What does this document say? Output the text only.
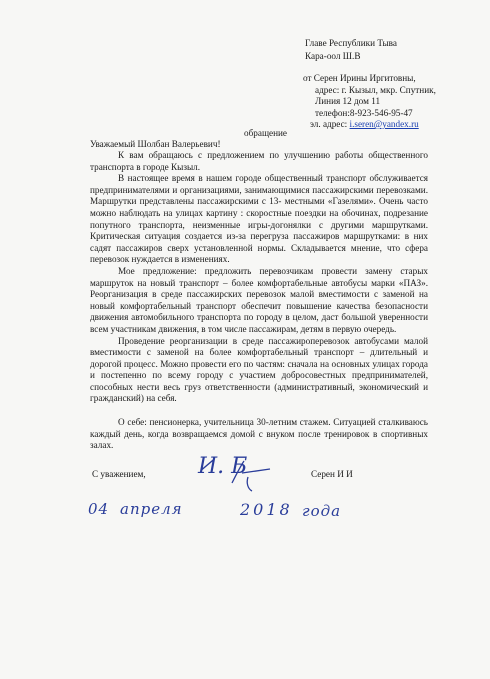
Главе Республики Тыва
Кара-оол Ш.В
от Серен Ирины Иргитовны,
адрес: г. Кызыл, мкр. Спутник,
Линия 12 дом 11
телефон:8-923-546-95-47
эл. адрес: i.seren@yandex.ru
обращение
Уважаемый Шолбан Валерьевич!

К вам обращаюсь с предложением по улучшению работы общественного транспорта в городе Кызыл.

В настоящее время в нашем городе общественный транспорт обслуживается предпринимателями и организациями, занимающимися пассажирскими перевозками. Маршрутки представлены пассажирскими с 13- местными «Газелями». Очень часто можно наблюдать на улицах картину : скоростные поездки на обочинах, подрезание попутного транспорта, неизменные игры-догонялки с другими маршрутками. Критическая ситуация создается из-за перегруза пассажиров маршрутками: в них садят пассажиров сверх установленной нормы. Складывается мнение, что сфера перевозок нуждается в изменениях.

Мое предложение: предложить перевозчикам провести замену старых маршруток на новый транспорт – более комфортабельные автобусы марки «ПАЗ». Реорганизация в среде пассажирских перевозок малой вместимости с заменой на новый комфортабельный транспорт обеспечит повышение качества безопасности движения автомобильного транспорта по городу в целом, даст большой уверенности всем участникам движения, в том числе пассажирам, детям в первую очередь.

Проведение реорганизации в среде пассажироперевозок автобусами малой вместимости с заменой на более комфортабельный транспорт – длительный и дорогой процесс. Можно провести его по частям: сначала на основных улицах города и постепенно по всему городу с участием добросовестных предпринимателей, способных нести весь груз ответственности (административный, экономический и гражданский) на себя.

О себе: пенсионерка, учительница 30-летним стажем. Ситуацией сталкиваюсь каждый день, когда возвращаемся домой с внуком после тренировок в спортивных залах.

С уважением,	Серен И И
И. Б
04 апреля	2018 года
